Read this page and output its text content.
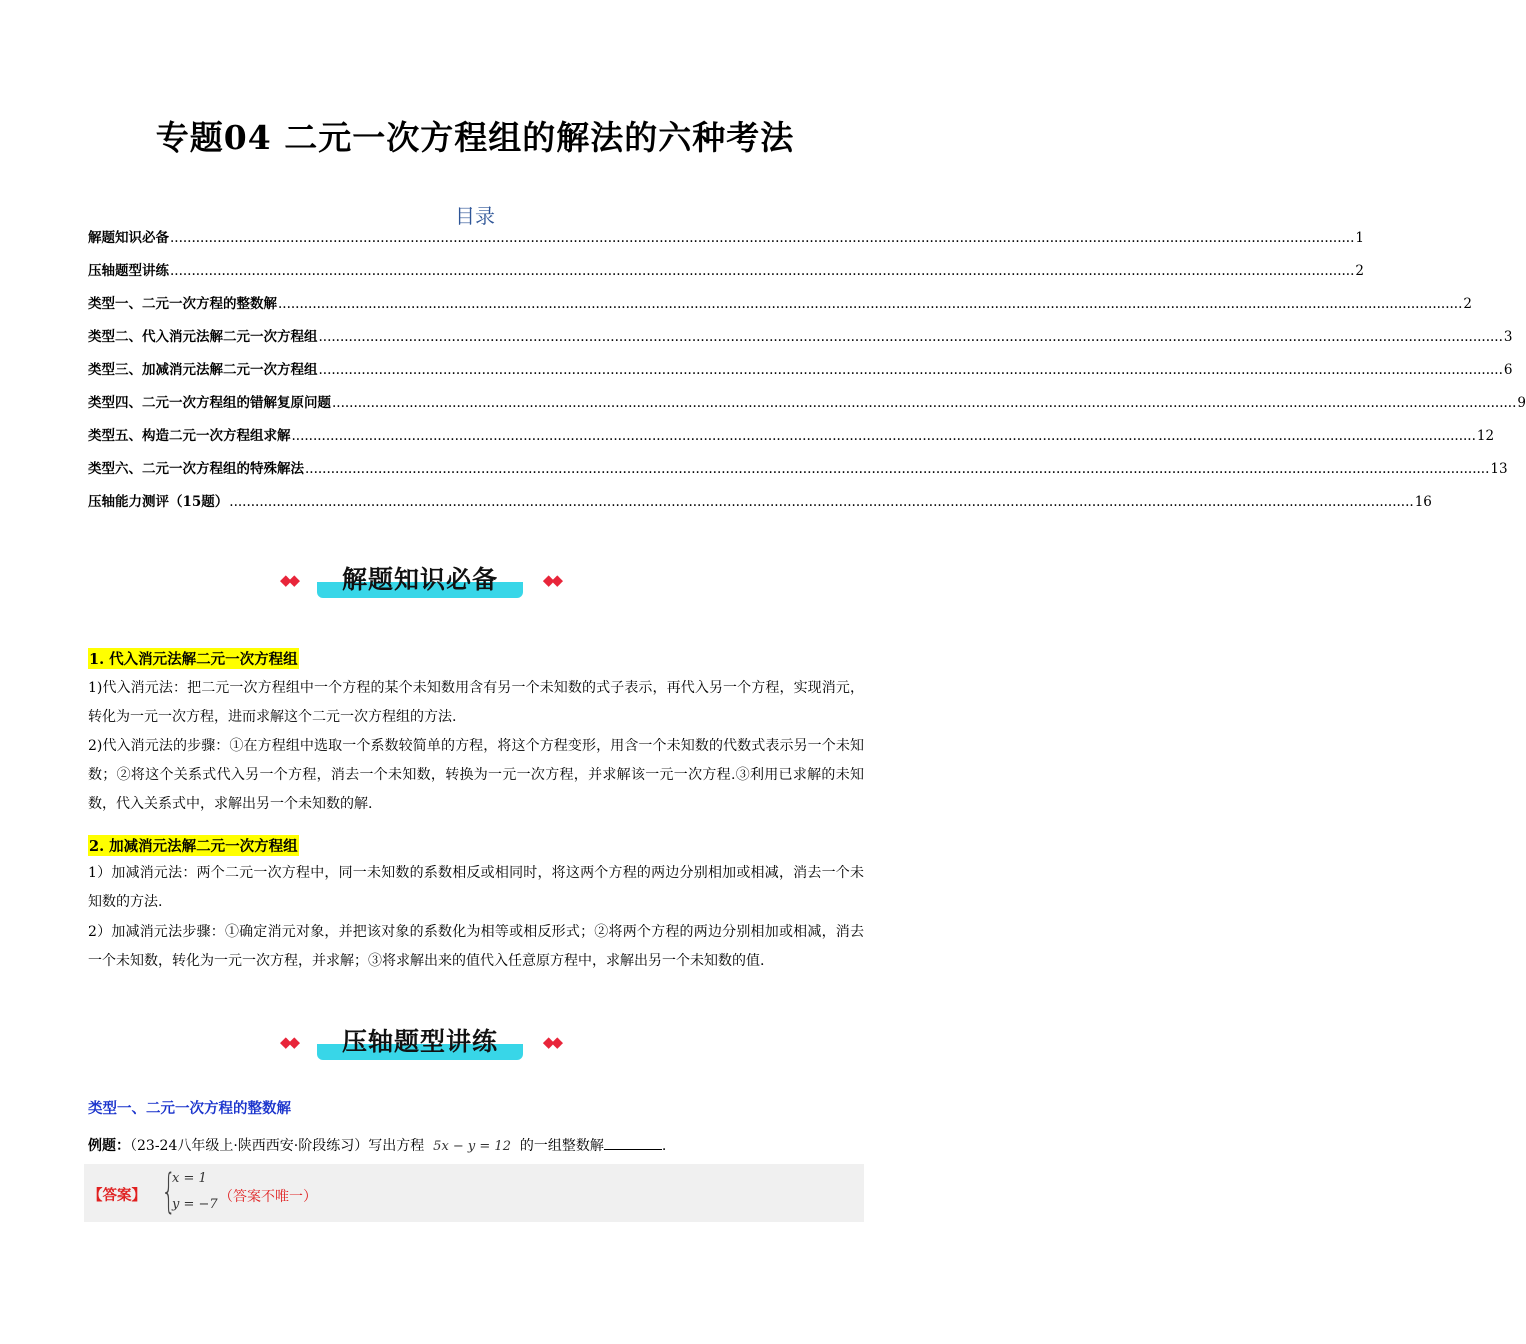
专题04 二元一次方程组的解法的六种考法
目录
解题知识必备 .................................................................................................................................................................................................................................................................................... 1
压轴题型讲练 .................................................................................................................................................................................................................................................................................... 2
类型一、二元一次方程的整数解 .................................................................................................................................................................................................................................................................................... 2
类型二、代入消元法解二元一次方程组 .................................................................................................................................................................................................................................................................................... 3
类型三、加减消元法解二元一次方程组 .................................................................................................................................................................................................................................................................................... 6
类型四、二元一次方程组的错解复原问题 .................................................................................................................................................................................................................................................................................... 9
类型五、构造二元一次方程组求解 .................................................................................................................................................................................................................................................................................... 12
类型六、二元一次方程组的特殊解法 .................................................................................................................................................................................................................................................................................... 13
压轴能力测评（15题） .................................................................................................................................................................................................................................................................................... 16
◆◆	解题知识必备	◆◆
1. 代入消元法解二元一次方程组
1)代入消元法：把二元一次方程组中一个方程的某个未知数用含有另一个未知数的式子表示，再代入另一个方程，实现消元，转化为一元一次方程，进而求解这个二元一次方程组的方法.
2)代入消元法的步骤：①在方程组中选取一个系数较简单的方程，将这个方程变形，用含一个未知数的代数式表示另一个未知数；②将这个关系式代入另一个方程，消去一个未知数，转换为一元一次方程，并求解该一元一次方程.③利用已求解的未知数，代入关系式中，求解出另一个未知数的解.
2. 加减消元法解二元一次方程组
1）加减消元法：两个二元一次方程中，同一未知数的系数相反或相同时，将这两个方程的两边分别相加或相减，消去一个未知数的方法.
2）加减消元法步骤：①确定消元对象，并把该对象的系数化为相等或相反形式；②将两个方程的两边分别相加或相减，消去一个未知数，转化为一元一次方程，并求解；③将求解出来的值代入任意原方程中，求解出另一个未知数的值.
◆◆	压轴题型讲练	◆◆
类型一、二元一次方程的整数解
例题：（23-24八年级上·陕西西安·阶段练习）写出方程 5x − y = 12 的一组整数解	.
【答案】 {
x = 1
y = −7 （答案不唯一）
